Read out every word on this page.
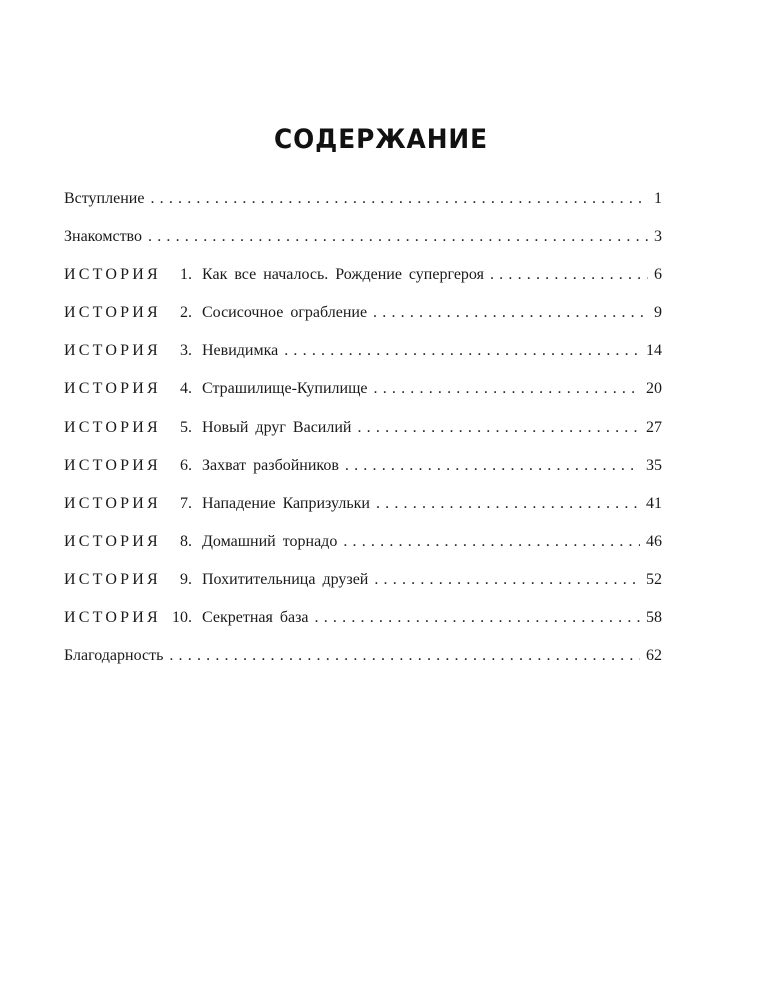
СОДЕРЖАНИЕ
Вступление . . .	1
Знакомство . . .	3
ИСТОРИЯ	1. Как все началось. Рождение супергероя . . .	6
ИСТОРИЯ	2. Сосисочное ограбление . . .	9
ИСТОРИЯ	3. Невидимка . . .	14
ИСТОРИЯ	4. Страшилище-Купилище . . .	20
ИСТОРИЯ	5. Новый друг Василий . . .	27
ИСТОРИЯ	6. Захват разбойников . . .	35
ИСТОРИЯ	7. Нападение Капризульки . . .	41
ИСТОРИЯ	8. Домашний торнадо . . .	46
ИСТОРИЯ	9. Похитительница друзей . . .	52
ИСТОРИЯ 10. Секретная база . . .	58
Благодарность . . .	62
